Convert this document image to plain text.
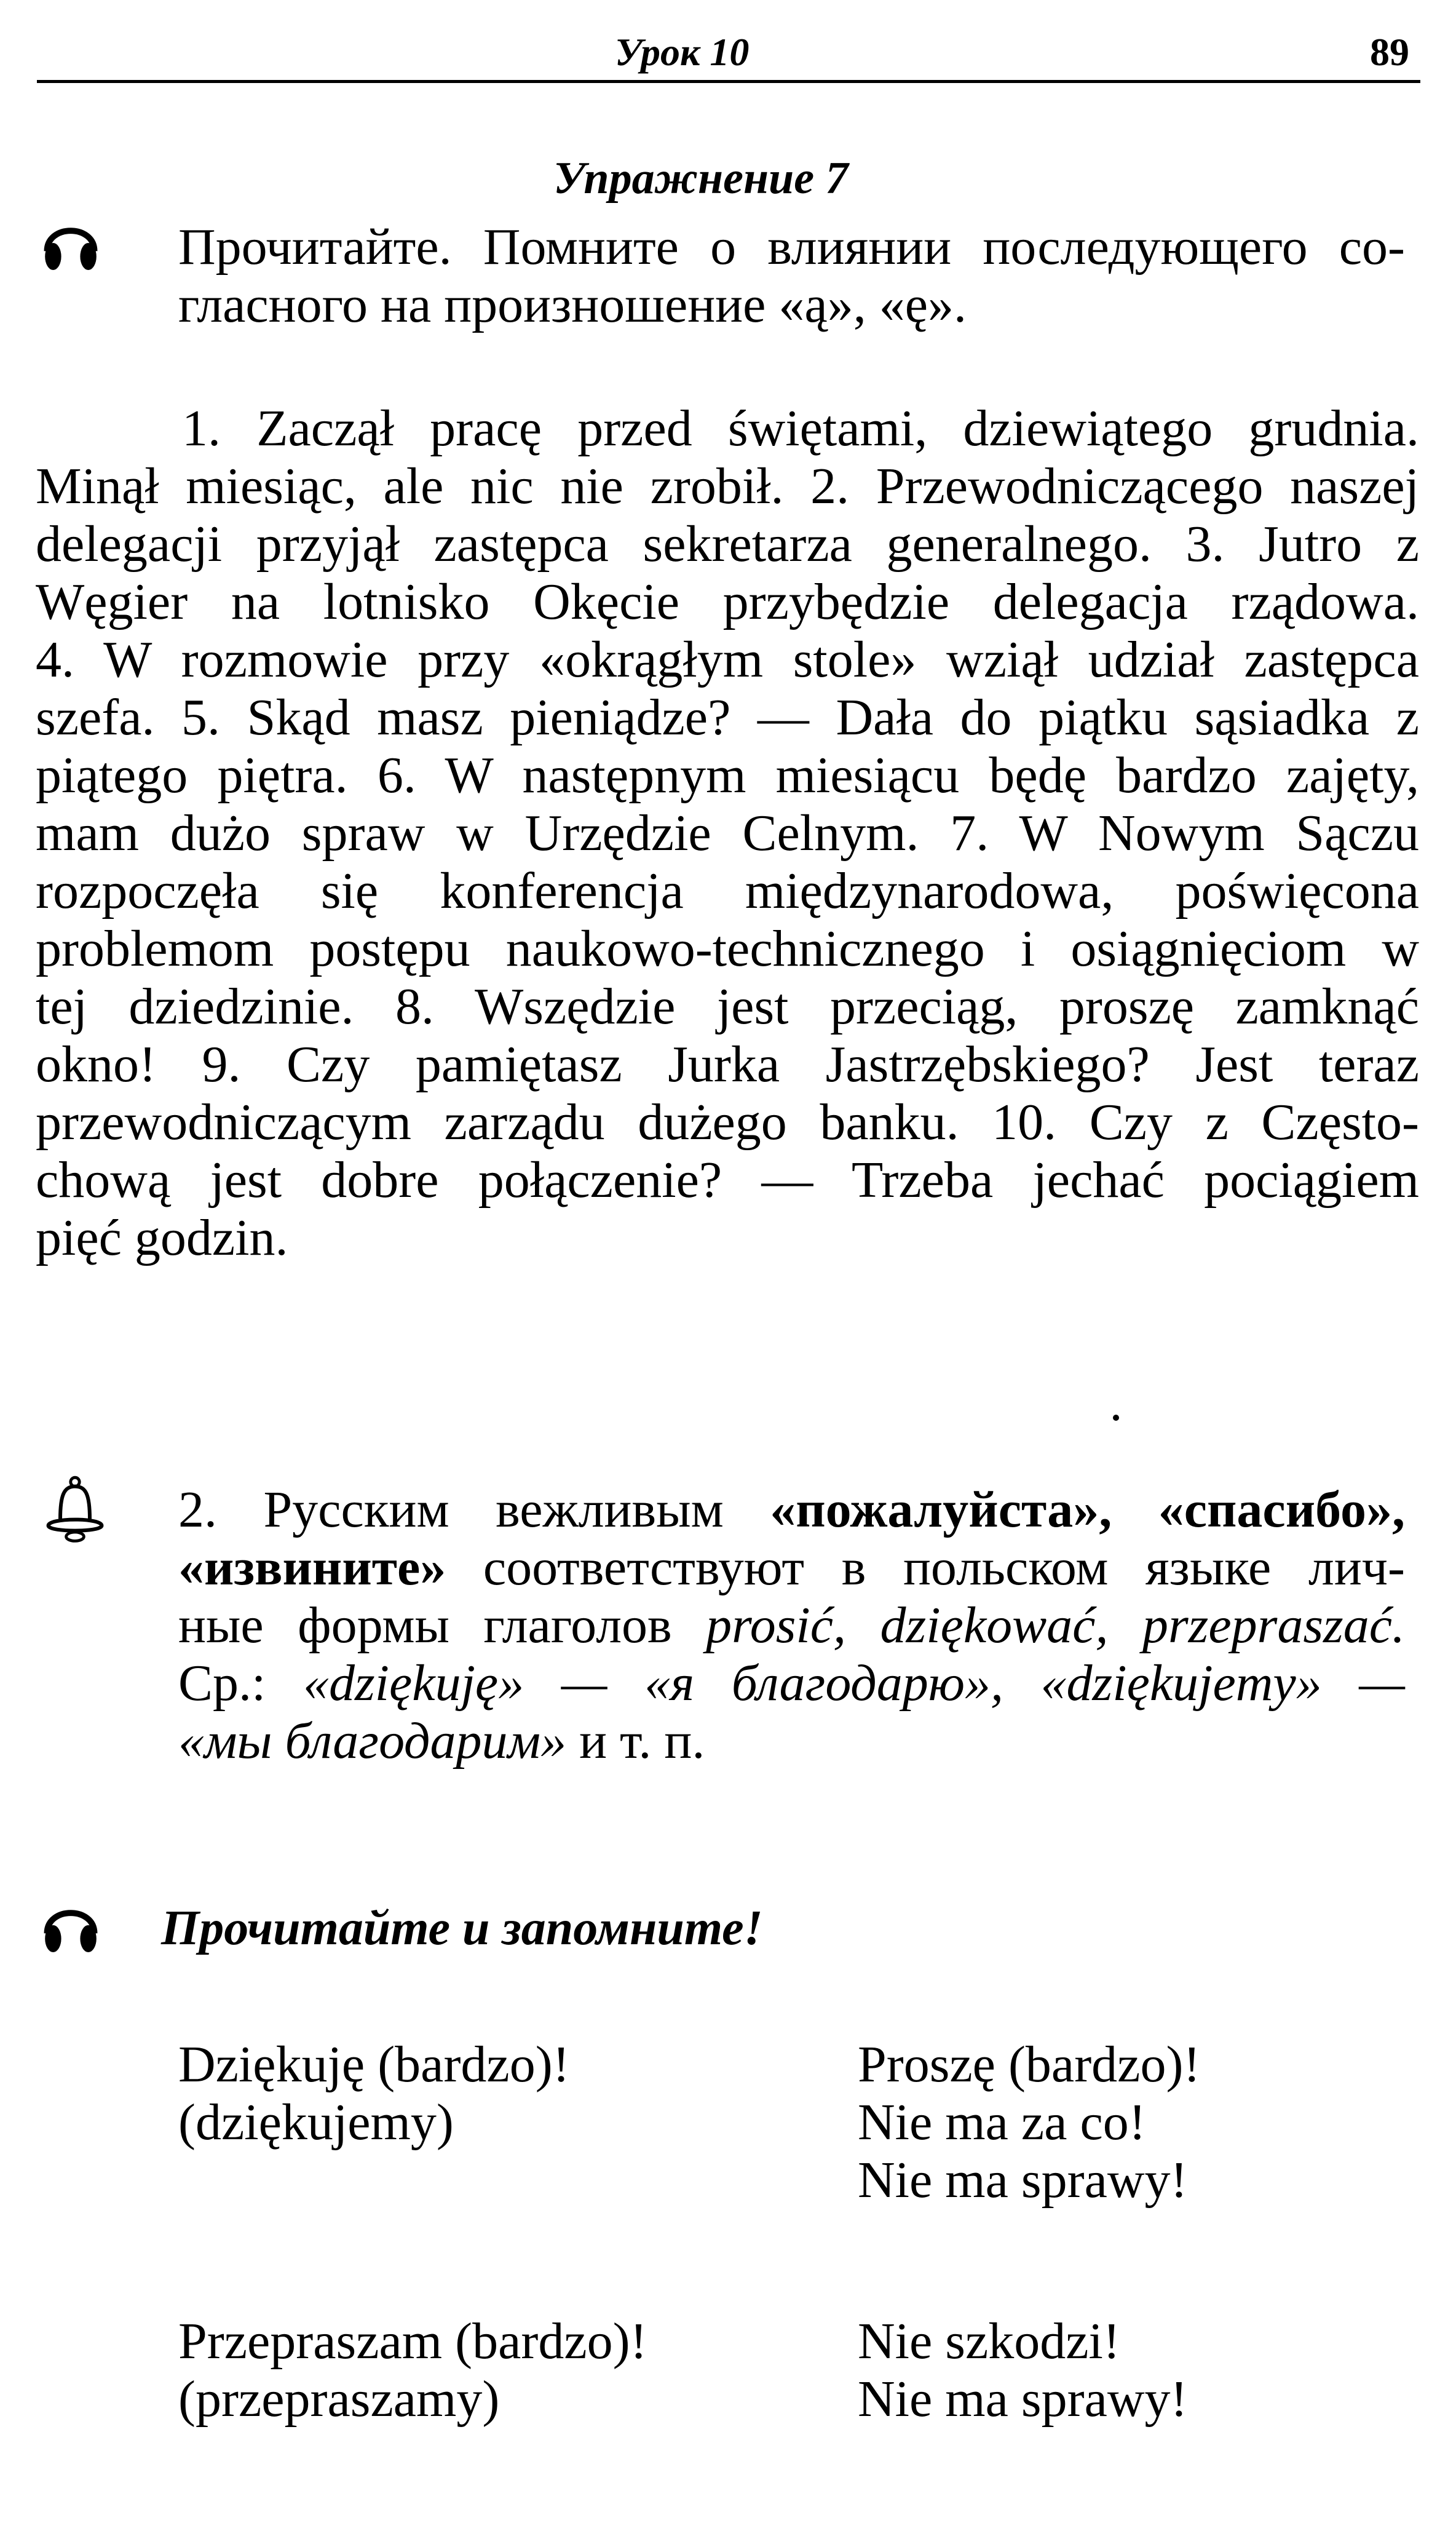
Урок 10	89
Упражнение 7
Прочитайте. Помните о влиянии последующего со-
гласного на произношение «ą», «ę».
1. Zaczął pracę przed świętami, dziewiątego grudnia.
Minął miesiąc, ale nic nie zrobił. 2. Przewodniczącego naszej
delegacji przyjął zastępca sekretarza generalnego. 3. Jutro z
Węgier na lotnisko Okęcie przybędzie delegacja rządowa.
4. W rozmowie przy «okrągłym stole» wziął udział zastępca
szefa. 5. Skąd masz pieniądze? — Dała do piątku sąsiadka z
piątego piętra. 6. W następnym miesiącu będę bardzo zajęty,
mam dużo spraw w Urzędzie Celnym. 7. W Nowym Sączu
rozpoczęła się konferencja międzynarodowa, poświęcona
problemom postępu naukowo-technicznego i osiągnięciom w
tej dziedzinie. 8. Wszędzie jest przeciąg, proszę zamknąć
okno! 9. Czy pamiętasz Jurka Jastrzębskiego? Jest teraz
przewodniczącym zarządu dużego banku. 10. Czy z Często-
chową jest dobre połączenie? — Trzeba jechać pociągiem
pięć godzin.
2. Русским вежливым «пожалуйста», «спасибо»,
«извините» соответствуют в польском языке лич-
ные формы глаголов prosić, dziękować, przepraszać.
Ср.: «dziękuję» — «я благодарю», «dziękujemy» —
«мы благодарим» и т. п.
Прочитайте и запомните!
Dziękuję (bardzo)!
(dziękujemy)
Proszę (bardzo)!
Nie ma za co!
Nie ma sprawy!
Przepraszam (bardzo)!
(przepraszamy)
Nie szkodzi!
Nie ma sprawy!
